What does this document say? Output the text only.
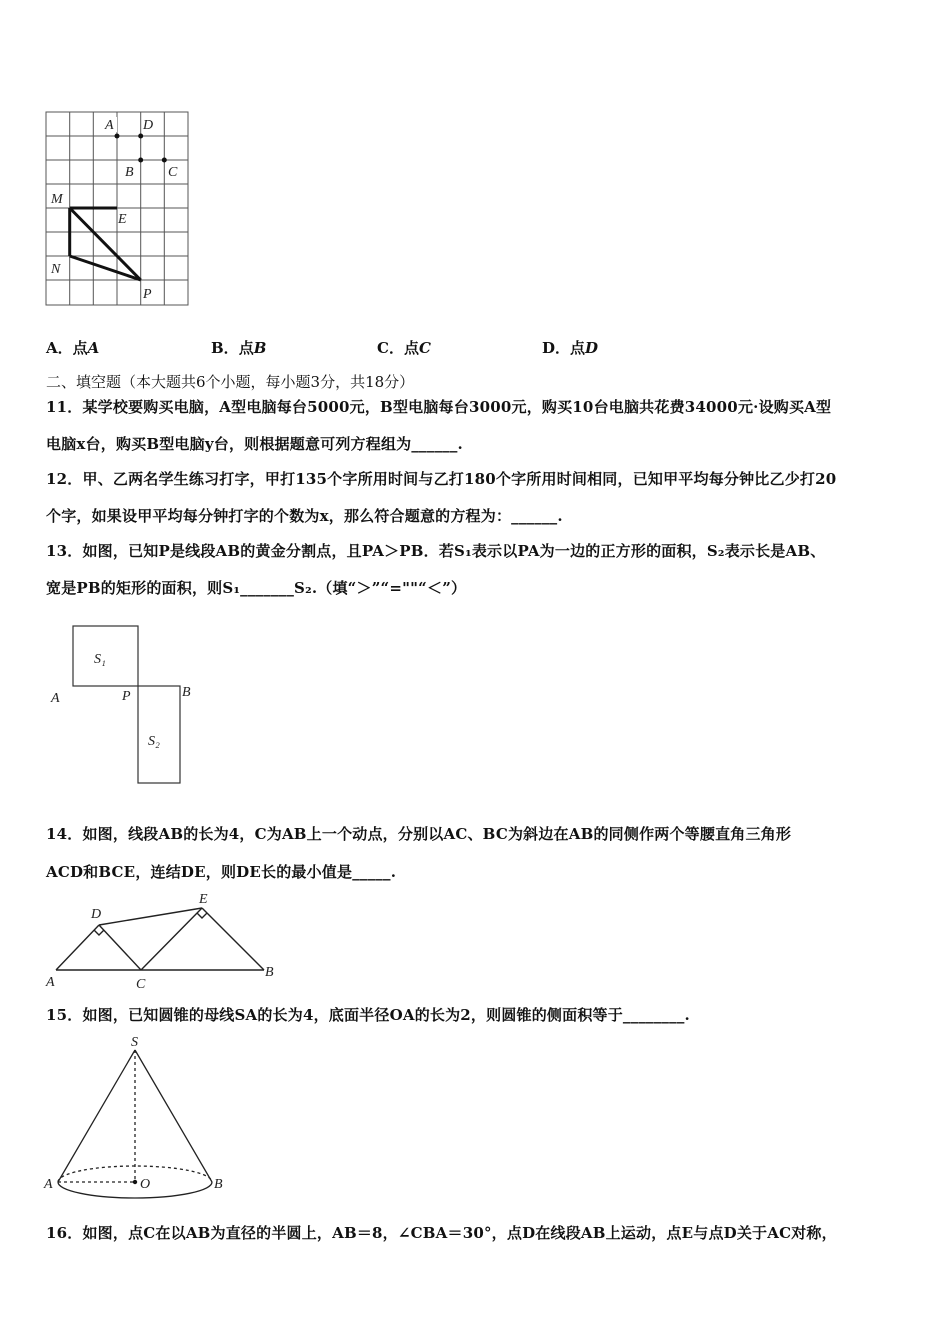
A D
B C
M
E
N
P
A．点A	B．点B	C．点C	D．点D
二、填空题（本大题共6个小题，每小题3分，共18分）
11．某学校要购买电脑，A型电脑每台5000元，B型电脑每台3000元，购买10台电脑共花费34000元·设购买A型
电脑x台，购买B型电脑y台，则根据题意可列方程组为______.
12．甲、乙两名学生练习打字，甲打135个字所用时间与乙打180个字所用时间相同，已知甲平均每分钟比乙少打20
个字，如果设甲平均每分钟打字的个数为x，那么符合题意的方程为：______.
13．如图，已知P是线段AB的黄金分割点，且PA＞PB．若S₁表示以PA为一边的正方形的面积，S₂表示长是AB、
宽是PB的矩形的面积，则S₁_______S₂.（填“＞”“=""“＜”）
S₁
S₂
A	P	B
14．如图，线段AB的长为4，C为AB上一个动点，分别以AC、BC为斜边在AB的同侧作两个等腰直角三角形
ACD和BCE，连结DE，则DE长的最小值是_____.
A
B
C
D
E
15．如图，已知圆锥的母线SA的长为4，底面半径OA的长为2，则圆锥的侧面积等于________.
S
A	O	B
16．如图，点C在以AB为直径的半圆上，AB＝8，∠CBA＝30°，点D在线段AB上运动，点E与点D关于AC对称，
